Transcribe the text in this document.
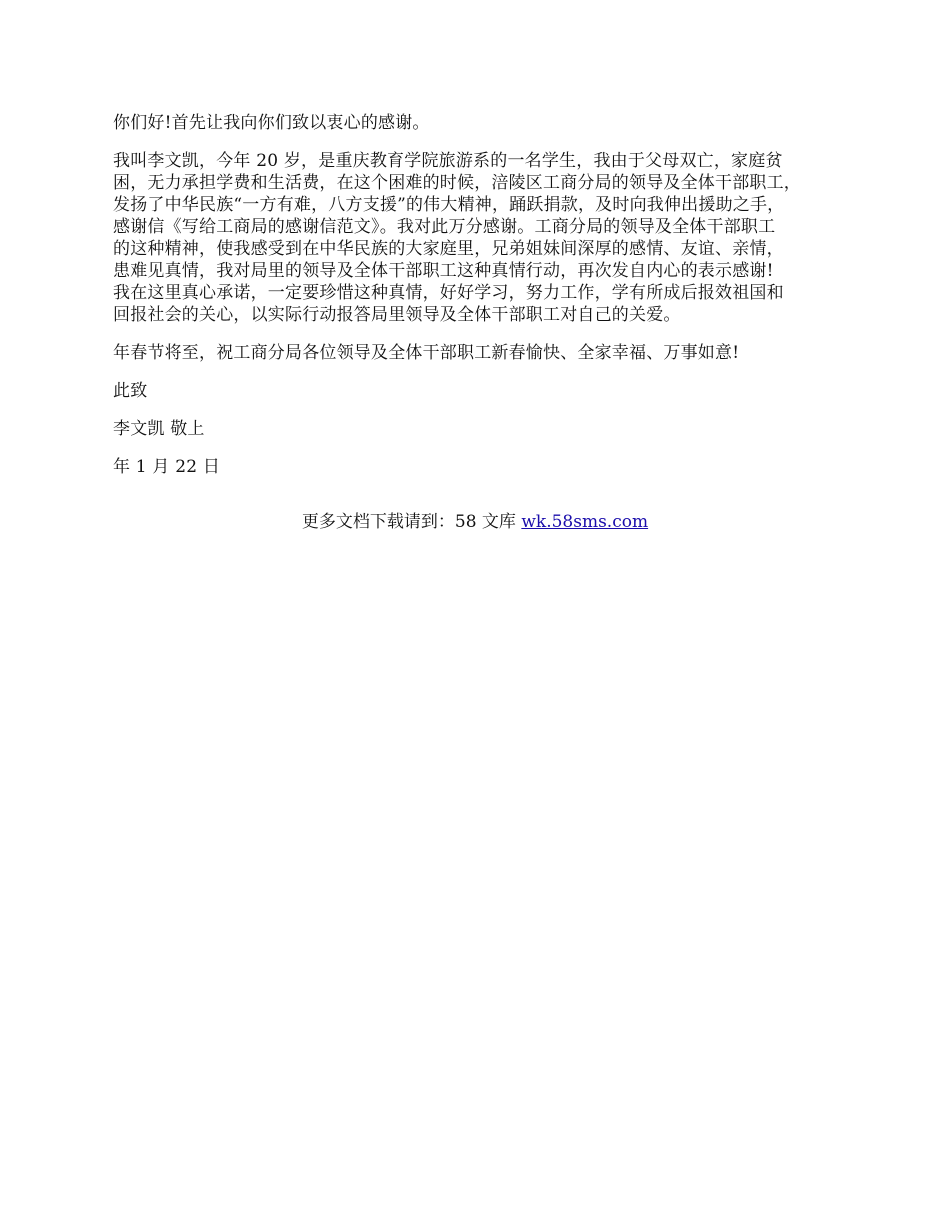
你们好!首先让我向你们致以衷心的感谢。

我叫李文凯，今年 20 岁，是重庆教育学院旅游系的一名学生，我由于父母双亡，家庭贫
困，无力承担学费和生活费，在这个困难的时候，涪陵区工商分局的领导及全体干部职工，
发扬了中华民族“一方有难，八方支援”的伟大精神，踊跃捐款，及时向我伸出援助之手，
感谢信《写给工商局的感谢信范文》。我对此万分感谢。工商分局的领导及全体干部职工
的这种精神，使我感受到在中华民族的大家庭里，兄弟姐妹间深厚的感情、友谊、亲情，
患难见真情，我对局里的领导及全体干部职工这种真情行动，再次发自内心的表示感谢!
我在这里真心承诺，一定要珍惜这种真情，好好学习，努力工作，学有所成后报效祖国和
回报社会的关心，以实际行动报答局里领导及全体干部职工对自己的关爱。

年春节将至，祝工商分局各位领导及全体干部职工新春愉快、全家幸福、万事如意!

此致

李文凯 敬上

年 1 月 22 日

更多文档下载请到：58 文库 wk.58sms.com
